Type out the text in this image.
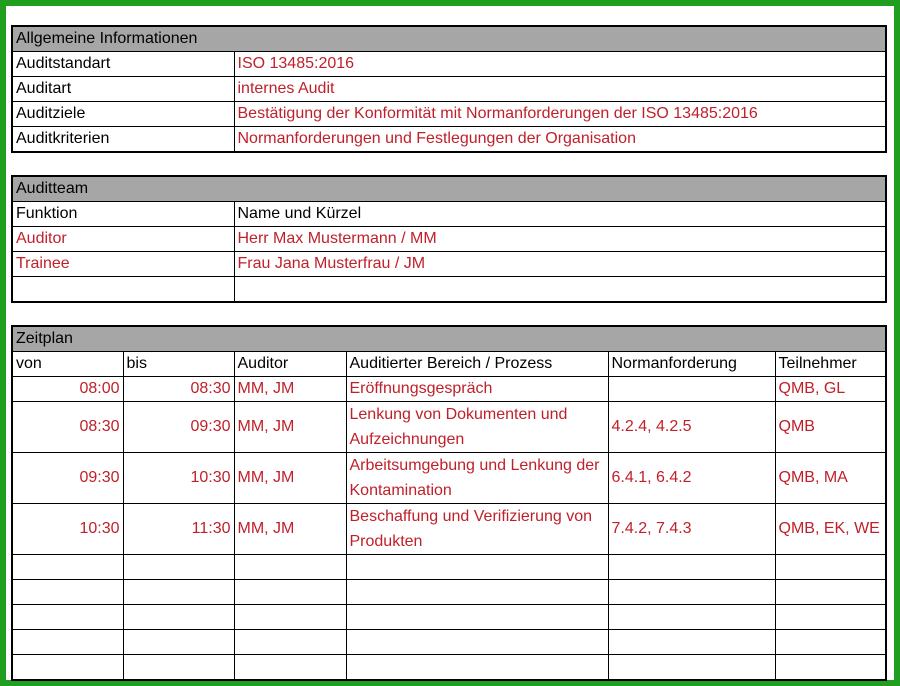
Allgemeine Informationen	
Auditstandart	ISO 13485:2016
Auditart	internes Audit
Auditziele	Bestätigung der Konformität mit Normanforderungen der ISO 13485:2016
Auditkriterien	Normanforderungen und Festlegungen der Organisation
Auditteam	
Funktion	Name und Kürzel
Auditor	Herr Max Mustermann / MM
Trainee	Frau Jana Musterfrau / JM

Zeitplan					
von	bis	Auditor	Auditierter Bereich / Prozess	Normanforderung	Teilnehmer
08:00	08:30	MM, JM	Eröffnungsgespräch		QMB, GL
08:30	09:30	MM, JM	Lenkung von Dokumenten und Aufzeichnungen	4.2.4, 4.2.5	QMB
09:30	10:30	MM, JM	Arbeitsumgebung und Lenkung der Kontamination	6.4.1, 6.4.2	QMB, MA
10:30	11:30	MM, JM	Beschaffung und Verifizierung von Produkten	7.4.2, 7.4.3	QMB, EK, WE
